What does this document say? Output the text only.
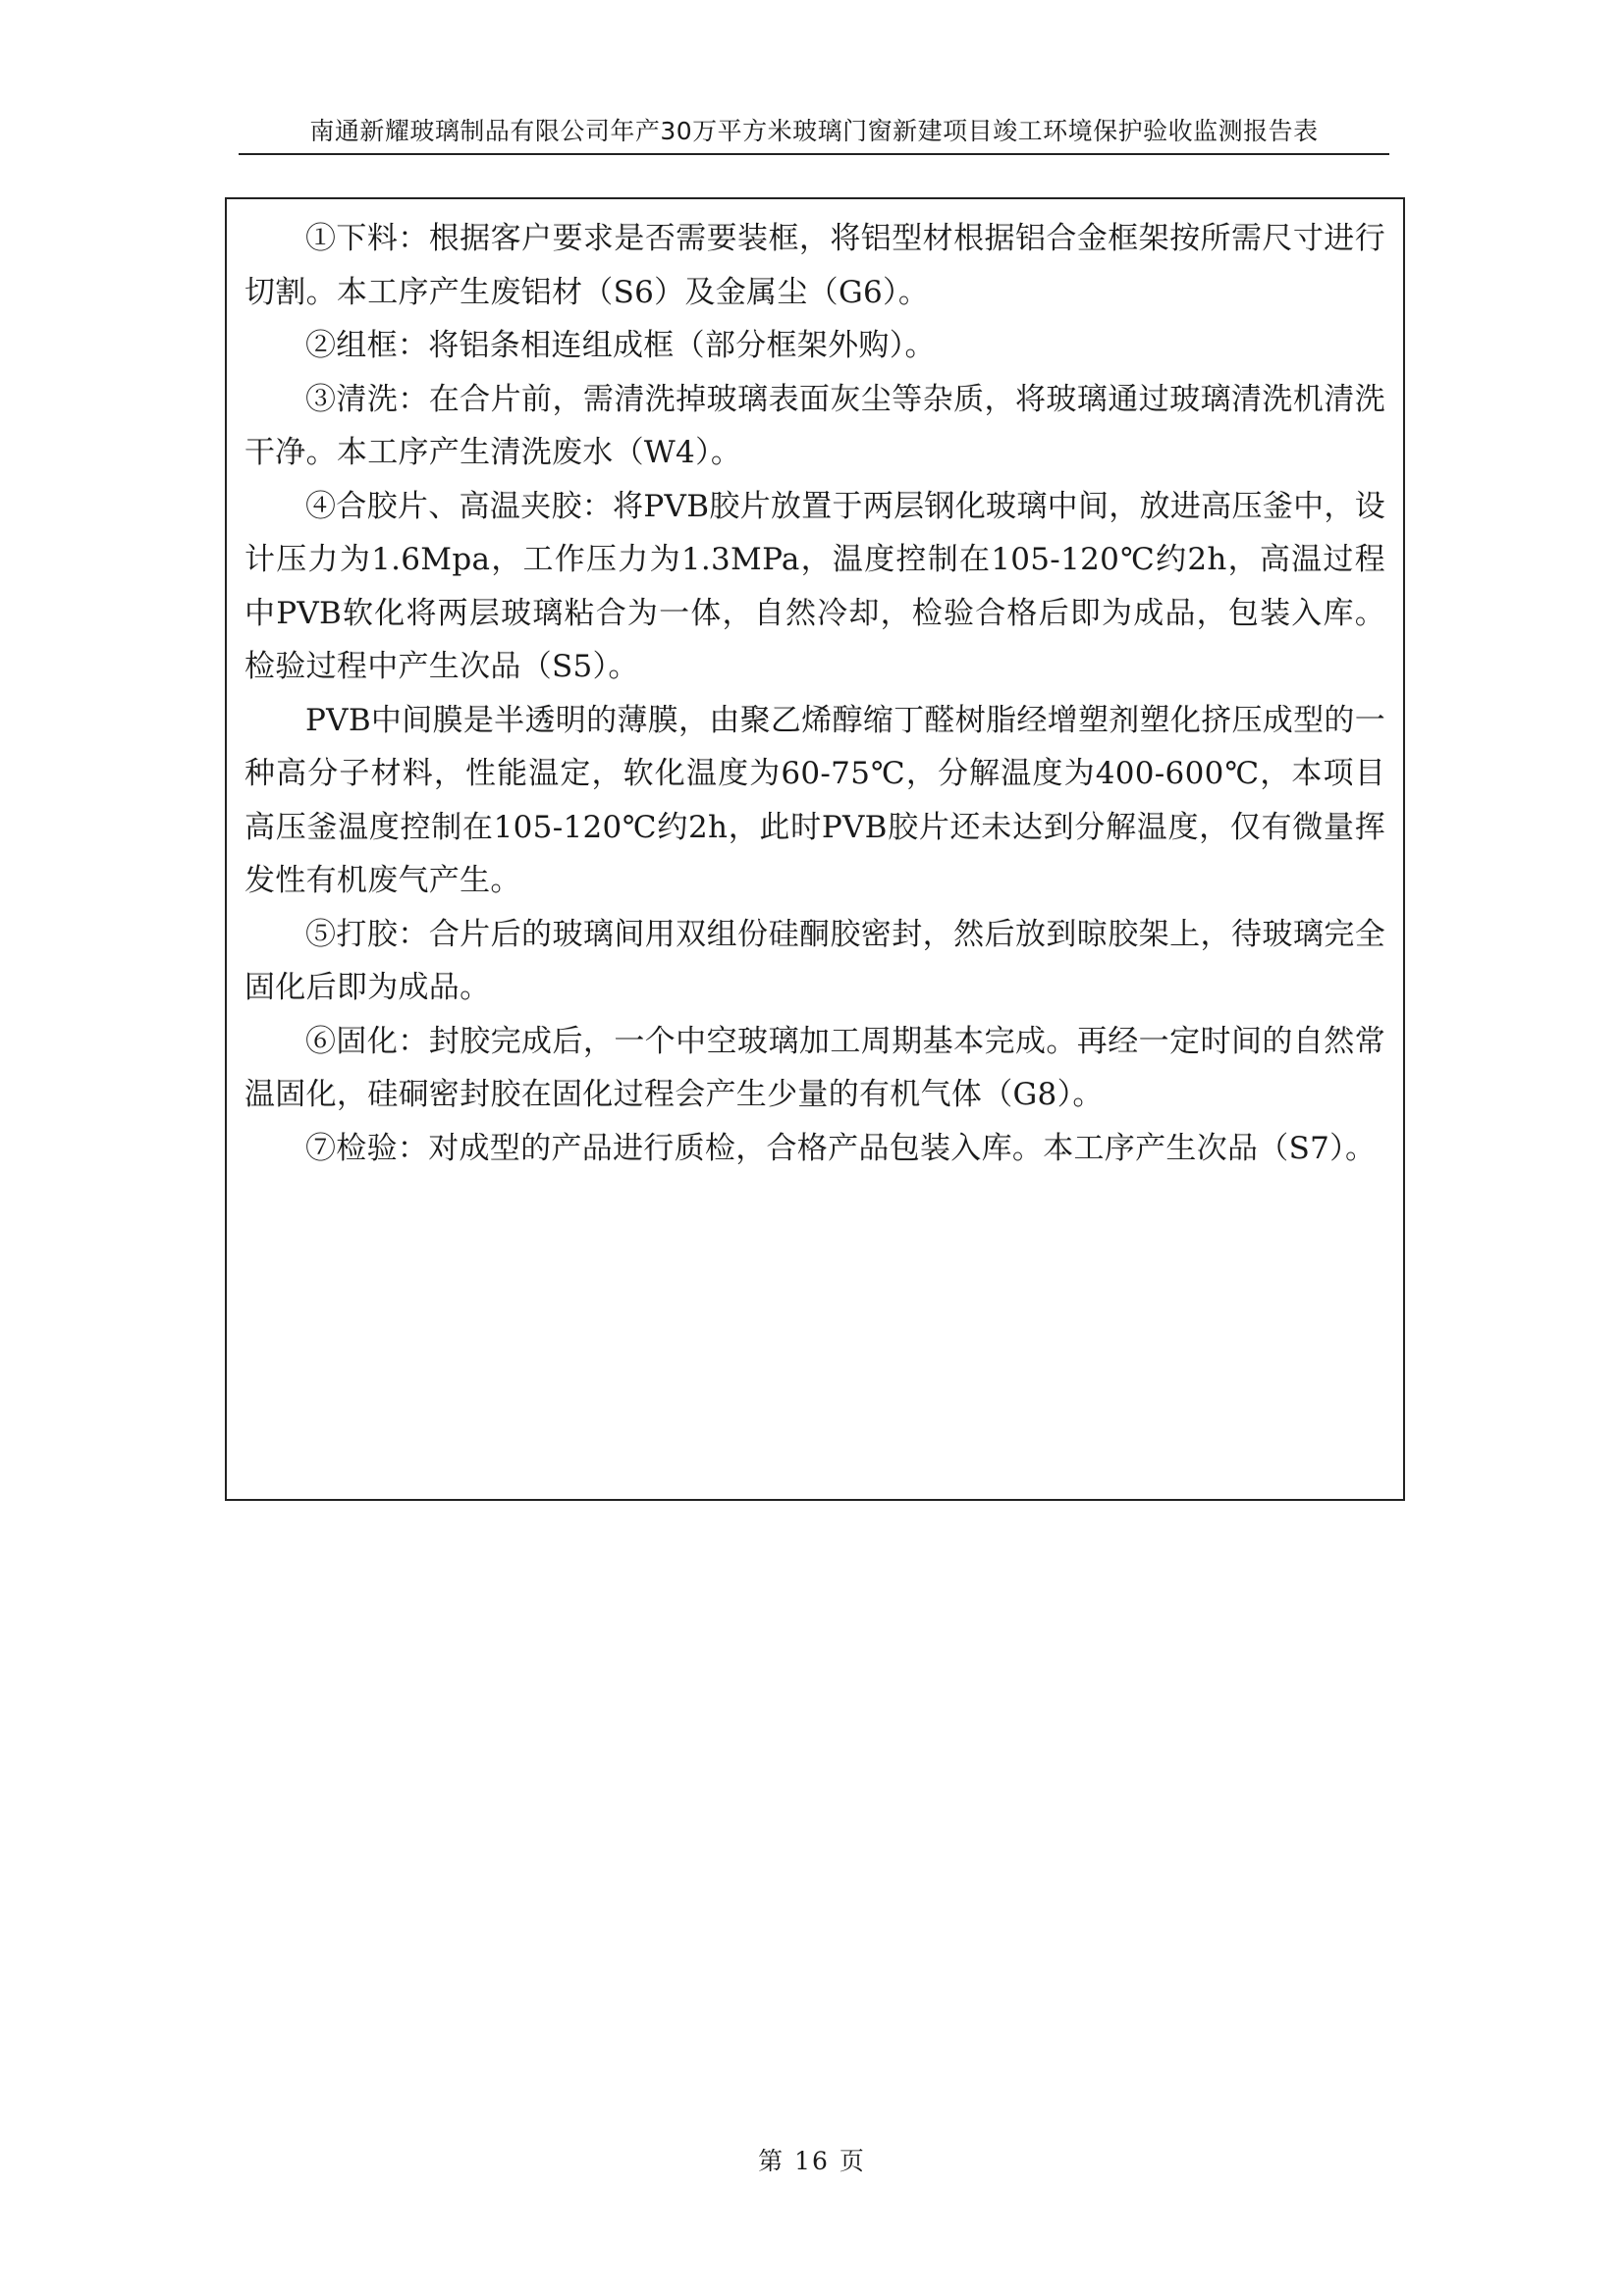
南通新耀玻璃制品有限公司年产30万平方米玻璃门窗新建项目竣工环境保护验收监测报告表

①下料：根据客户要求是否需要装框，将铝型材根据铝合金框架按所需尺寸进行切割。本工序产生废铝材（S6）及金属尘（G6）。

②组框：将铝条相连组成框（部分框架外购）。

③清洗：在合片前，需清洗掉玻璃表面灰尘等杂质，将玻璃通过玻璃清洗机清洗干净。本工序产生清洗废水（W4）。

④合胶片、高温夹胶：将PVB胶片放置于两层钢化玻璃中间，放进高压釜中，设计压力为1.6Mpa，工作压力为1.3MPa，温度控制在105-120℃约2h，高温过程中PVB软化将两层玻璃粘合为一体，自然冷却，检验合格后即为成品，包装入库。检验过程中产生次品（S5）。

PVB中间膜是半透明的薄膜，由聚乙烯醇缩丁醛树脂经增塑剂塑化挤压成型的一种高分子材料，性能温定，软化温度为60-75℃，分解温度为400-600℃，本项目高压釜温度控制在105-120℃约2h，此时PVB胶片还未达到分解温度，仅有微量挥发性有机废气产生。

⑤打胶：合片后的玻璃间用双组份硅酮胶密封，然后放到晾胶架上，待玻璃完全固化后即为成品。

⑥固化：封胶完成后，一个中空玻璃加工周期基本完成。再经一定时间的自然常温固化，硅硐密封胶在固化过程会产生少量的有机气体（G8）。

⑦检验：对成型的产品进行质检，合格产品包装入库。本工序产生次品（S7）。

第 16 页
